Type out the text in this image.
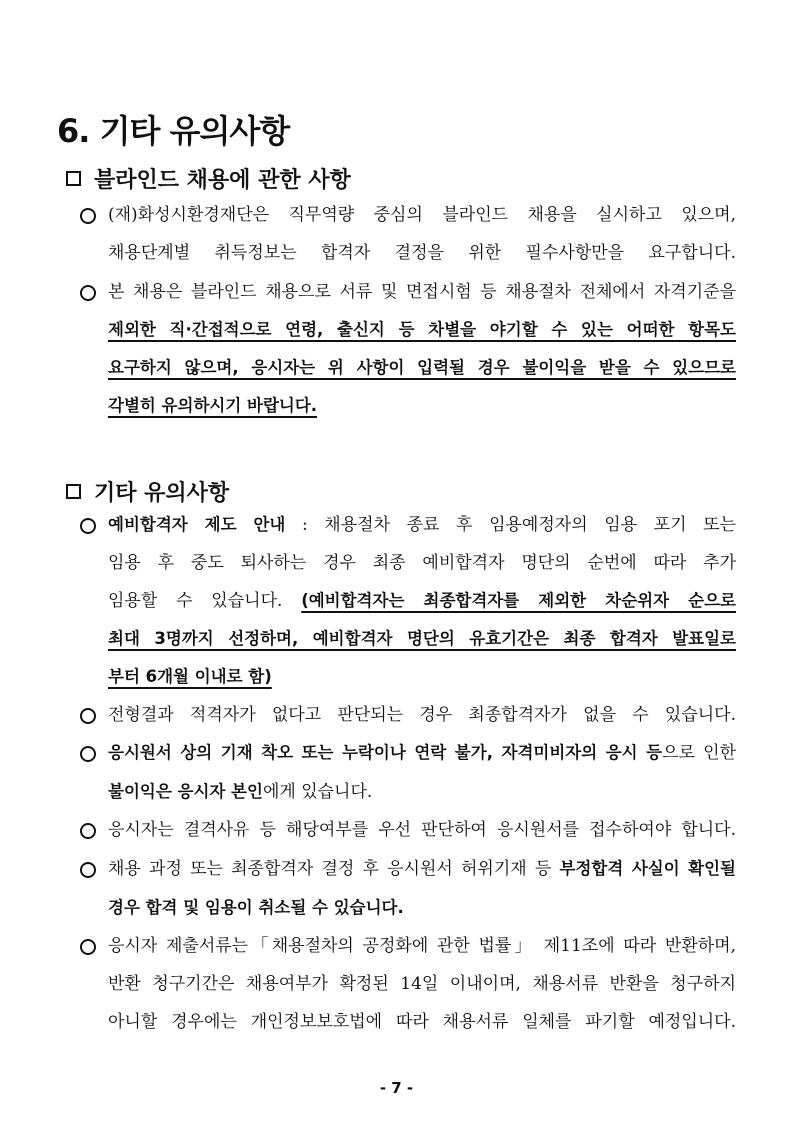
6. 기타 유의사항
블라인드 채용에 관한 사항
(재)화성시환경재단은 직무역량 중심의 블라인드 채용을 실시하고 있으며,
채용단계별 취득정보는 합격자 결정을 위한 필수사항만을 요구합니다.
본 채용은 블라인드 채용으로 서류 및 면접시험 등 채용절차 전체에서 자격기준을
제외한 직·간접적으로 연령, 출신지 등 차별을 야기할 수 있는 어떠한 항목도
요구하지 않으며, 응시자는 위 사항이 입력될 경우 불이익을 받을 수 있으므로
각별히 유의하시기 바랍니다.
기타 유의사항
예비합격자 제도 안내 : 채용절차 종료 후 임용예정자의 임용 포기 또는
임용 후 중도 퇴사하는 경우 최종 예비합격자 명단의 순번에 따라 추가
임용할 수 있습니다. (예비합격자는 최종합격자를 제외한 차순위자 순으로
최대 3명까지 선정하며, 예비합격자 명단의 유효기간은 최종 합격자 발표일로
부터 6개월 이내로 함)
전형결과 적격자가 없다고 판단되는 경우 최종합격자가 없을 수 있습니다.
응시원서 상의 기재 착오 또는 누락이나 연락 불가, 자격미비자의 응시 등으로 인한
불이익은 응시자 본인에게 있습니다.
응시자는 결격사유 등 해당여부를 우선 판단하여 응시원서를 접수하여야 합니다.
채용 과정 또는 최종합격자 결정 후 응시원서 허위기재 등 부정합격 사실이 확인될
경우 합격 및 임용이 취소될 수 있습니다.
응시자 제출서류는「채용절차의 공정화에 관한 법률」 제11조에 따라 반환하며,
반환 청구기간은 채용여부가 확정된 14일 이내이며, 채용서류 반환을 청구하지
아니할 경우에는 개인정보보호법에 따라 채용서류 일체를 파기할 예정입니다.
- 7 -
